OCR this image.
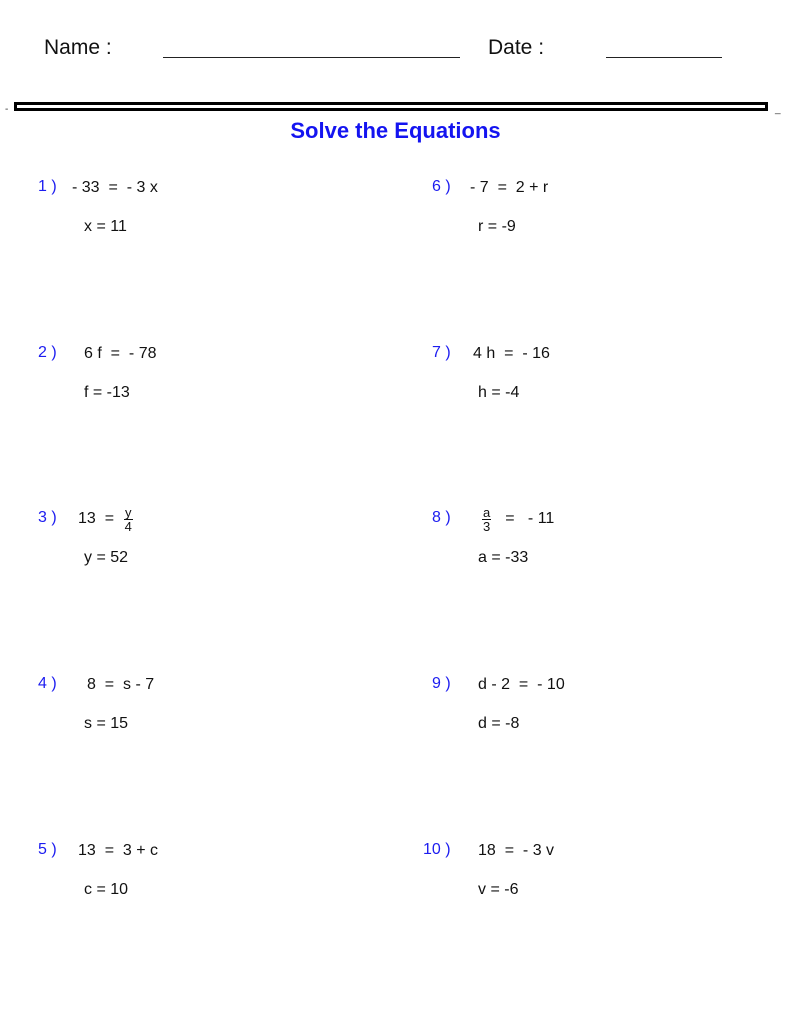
Name :	Date :
-	_
Solve the Equations
1 ) - 33  =  - 3 x
x = 11
2 ) 6 f  =  - 78
f = -13
3 ) $13 = \frac{y}{4}$
y = 52
4 ) 8  =  s - 7
s = 15
5 ) 13  =  3 + c
c = 10
6 ) - 7  =  2 + r
r = -9
7 ) 4 h  =  - 16
h = -4
8 ) $\frac{a}{3}$ =   - 11
a = -33
9 ) d - 2  =  - 10
d = -8
10 ) 18  =  - 3 v
v = -6
